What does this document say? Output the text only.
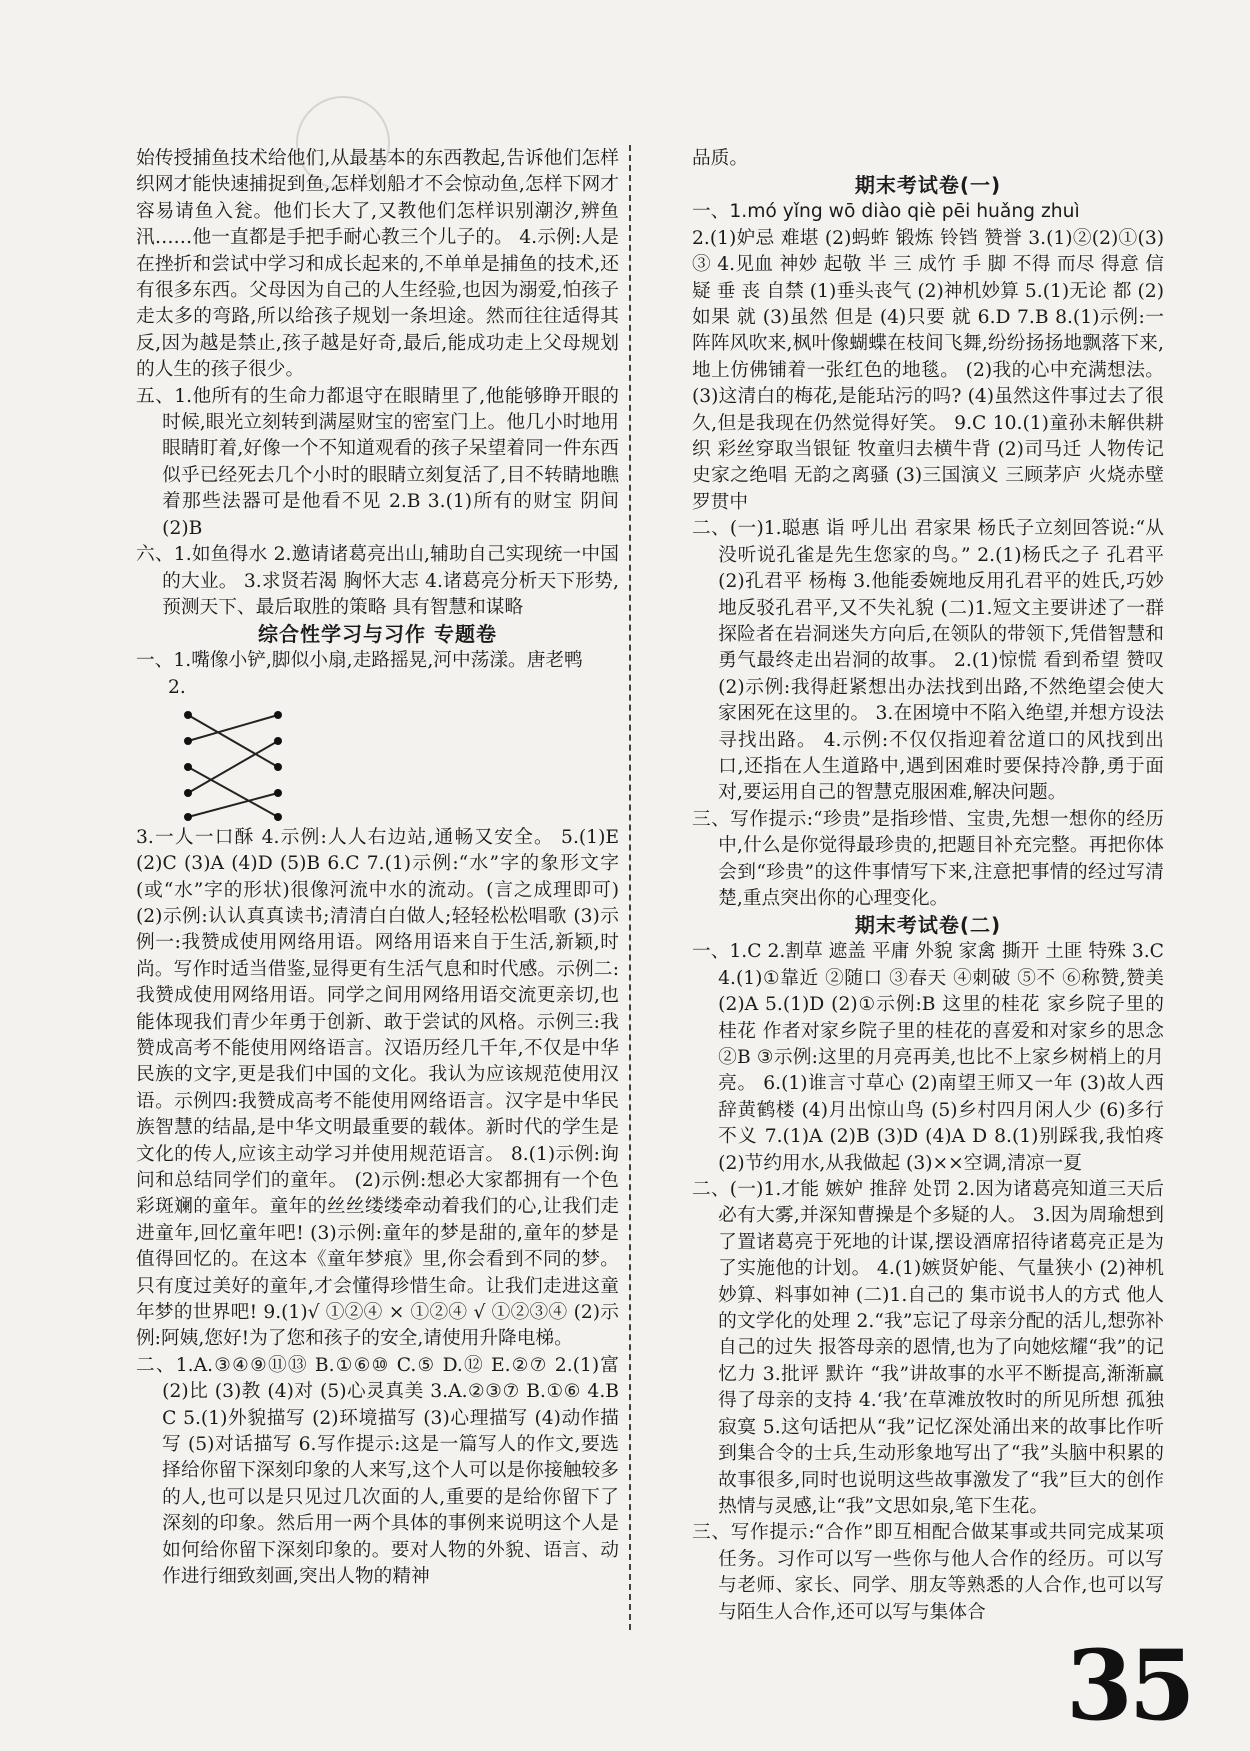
始传授捕鱼技术给他们,从最基本的东西教起,告诉他们怎样织网才能快速捕捉到鱼,怎样划船才不会惊动鱼,怎样下网才容易请鱼入瓮。他们长大了,又教他们怎样识别潮汐,辨鱼汛……他一直都是手把手耐心教三个儿子的。 4.示例:人是在挫折和尝试中学习和成长起来的,不单单是捕鱼的技术,还有很多东西。父母因为自己的人生经验,也因为溺爱,怕孩子走太多的弯路,所以给孩子规划一条坦途。然而往往适得其反,因为越是禁止,孩子越是好奇,最后,能成功走上父母规划的人生的孩子很少。

五、1.他所有的生命力都退守在眼睛里了,他能够睁开眼的时候,眼光立刻转到满屋财宝的密室门上。他几小时地用眼睛盯着,好像一个不知道观看的孩子呆望着同一件东西 似乎已经死去几个小时的眼睛立刻复活了,目不转睛地瞧着那些法器可是他看不见 2.B 3.(1)所有的财宝 阴间 (2)B

六、1.如鱼得水 2.邀请诸葛亮出山,辅助自己实现统一中国的大业。 3.求贤若渴 胸怀大志 4.诸葛亮分析天下形势,预测天下、最后取胜的策略 具有智慧和谋略

综合性学习与习作 专题卷

一、1.嘴像小铲,脚似小扇,走路摇晃,河中荡漾。唐老鸭

2.

3.一人一口酥 4.示例:人人右边站,通畅又安全。 5.(1)E (2)C (3)A (4)D (5)B 6.C 7.(1)示例:“水”字的象形文字(或“水”字的形状)很像河流中水的流动。(言之成理即可)(2)示例:认认真真读书;清清白白做人;轻轻松松唱歌 (3)示例一:我赞成使用网络用语。网络用语来自于生活,新颖,时尚。写作时适当借鉴,显得更有生活气息和时代感。示例二:我赞成使用网络用语。同学之间用网络用语交流更亲切,也能体现我们青少年勇于创新、敢于尝试的风格。示例三:我赞成高考不能使用网络语言。汉语历经几千年,不仅是中华民族的文字,更是我们中国的文化。我认为应该规范使用汉语。示例四:我赞成高考不能使用网络语言。汉字是中华民族智慧的结晶,是中华文明最重要的载体。新时代的学生是文化的传人,应该主动学习并使用规范语言。 8.(1)示例:询问和总结同学们的童年。 (2)示例:想必大家都拥有一个色彩斑斓的童年。童年的丝丝缕缕牵动着我们的心,让我们走进童年,回忆童年吧! (3)示例:童年的梦是甜的,童年的梦是值得回忆的。在这本《童年梦痕》里,你会看到不同的梦。只有度过美好的童年,才会懂得珍惜生命。让我们走进这童年梦的世界吧! 9.(1)√ ①②④ × ①②④ √ ①②③④ (2)示例:阿姨,您好!为了您和孩子的安全,请使用升降电梯。

二、1.A.③④⑨⑪⑬ B.①⑥⑩ C.⑤ D.⑫ E.②⑦ 2.(1)富 (2)比 (3)教 (4)对 (5)心灵真美 3.A.②③⑦ B.①⑥ 4.BC 5.(1)外貌描写 (2)环境描写 (3)心理描写 (4)动作描写 (5)对话描写 6.写作提示:这是一篇写人的作文,要选择给你留下深刻印象的人来写,这个人可以是你接触较多的人,也可以是只见过几次面的人,重要的是给你留下了深刻的印象。然后用一两个具体的事例来说明这个人是如何给你留下深刻印象的。要对人物的外貌、语言、动作进行细致刻画,突出人物的精神

品质。

期末考试卷(一)

一、1.mó yǐng wō diào qiè pēi huǎng zhuì

2.(1)妒忌 难堪 (2)蚂蚱 锻炼 铃铛 赞誉 3.(1)②(2)①(3)③ 4.见血 神妙 起敬 半 三 成竹 手 脚 不得 而尽 得意 信 疑 垂 丧 自禁 (1)垂头丧气 (2)神机妙算 5.(1)无论 都 (2)如果 就 (3)虽然 但是 (4)只要 就 6.D 7.B 8.(1)示例:一阵阵风吹来,枫叶像蝴蝶在枝间飞舞,纷纷扬扬地飘落下来,地上仿佛铺着一张红色的地毯。 (2)我的心中充满想法。 (3)这清白的梅花,是能玷污的吗? (4)虽然这件事过去了很久,但是我现在仍然觉得好笑。 9.C 10.(1)童孙未解供耕织 彩丝穿取当银钲 牧童归去横牛背 (2)司马迁 人物传记 史家之绝唱 无韵之离骚 (3)三国演义 三顾茅庐 火烧赤壁 罗贯中

二、(一)1.聪惠 诣 呼儿出 君家果 杨氏子立刻回答说:“从没听说孔雀是先生您家的鸟。” 2.(1)杨氏之子 孔君平 (2)孔君平 杨梅 3.他能委婉地反用孔君平的姓氏,巧妙地反驳孔君平,又不失礼貌 (二)1.短文主要讲述了一群探险者在岩洞迷失方向后,在领队的带领下,凭借智慧和勇气最终走出岩洞的故事。 2.(1)惊慌 看到希望 赞叹 (2)示例:我得赶紧想出办法找到出路,不然绝望会使大家困死在这里的。 3.在困境中不陷入绝望,并想方设法寻找出路。 4.示例:不仅仅指迎着岔道口的风找到出口,还指在人生道路中,遇到困难时要保持冷静,勇于面对,要运用自己的智慧克服困难,解决问题。

三、写作提示:“珍贵”是指珍惜、宝贵,先想一想你的经历中,什么是你觉得最珍贵的,把题目补充完整。再把你体会到“珍贵”的这件事情写下来,注意把事情的经过写清楚,重点突出你的心理变化。

期末考试卷(二)

一、1.C 2.割草 遮盖 平庸 外貌 家禽 撕开 土匪 特殊 3.C 4.(1)①靠近 ②随口 ③春天 ④刺破 ⑤不 ⑥称赞,赞美 (2)A 5.(1)D (2)①示例:B 这里的桂花 家乡院子里的桂花 作者对家乡院子里的桂花的喜爱和对家乡的思念 ②B ③示例:这里的月亮再美,也比不上家乡树梢上的月亮。 6.(1)谁言寸草心 (2)南望王师又一年 (3)故人西辞黄鹤楼 (4)月出惊山鸟 (5)乡村四月闲人少 (6)多行不义 7.(1)A (2)B (3)D (4)A D 8.(1)别踩我,我怕疼 (2)节约用水,从我做起 (3)××空调,清凉一夏

二、(一)1.才能 嫉妒 推辞 处罚 2.因为诸葛亮知道三天后必有大雾,并深知曹操是个多疑的人。 3.因为周瑜想到了置诸葛亮于死地的计谋,摆设酒席招待诸葛亮正是为了实施他的计划。 4.(1)嫉贤妒能、气量狭小 (2)神机妙算、料事如神 (二)1.自己的 集市说书人的方式 他人的文学化的处理 2.“我”忘记了母亲分配的活儿,想弥补自己的过失 报答母亲的恩情,也为了向她炫耀“我”的记忆力 3.批评 默许 “我”讲故事的水平不断提高,渐渐赢得了母亲的支持 4.‘我’在草滩放牧时的所见所想 孤独寂寞 5.这句话把从“我”记忆深处涌出来的故事比作听到集合令的士兵,生动形象地写出了“我”头脑中积累的故事很多,同时也说明这些故事激发了“我”巨大的创作热情与灵感,让“我”文思如泉,笔下生花。

三、写作提示:“合作”即互相配合做某事或共同完成某项任务。习作可以写一些你与他人合作的经历。可以写与老师、家长、同学、朋友等熟悉的人合作,也可以写与陌生人合作,还可以写与集体合

35
